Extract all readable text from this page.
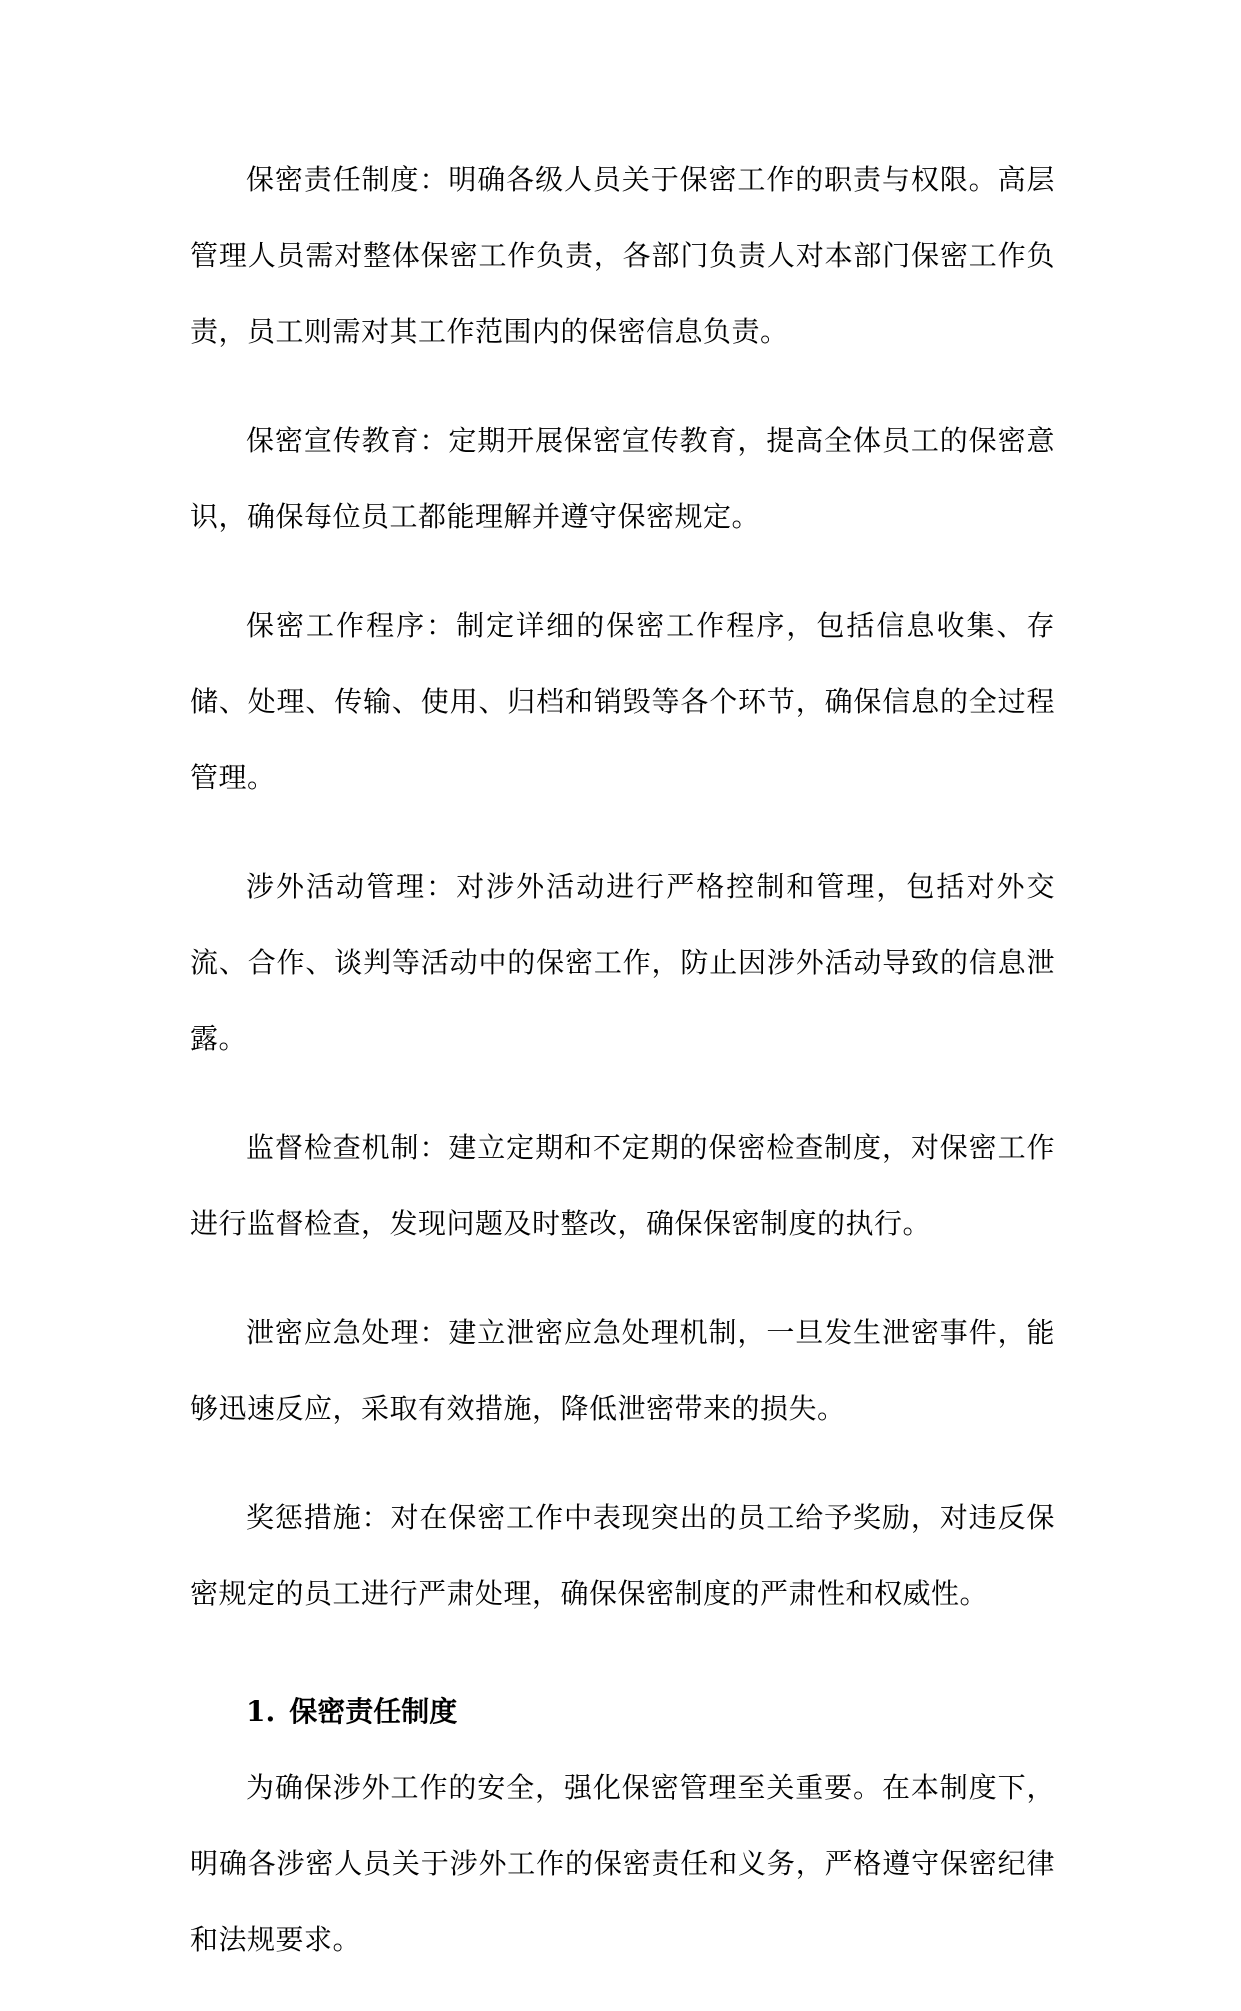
保密责任制度：明确各级人员关于保密工作的职责与权限。高层管理人员需对整体保密工作负责，各部门负责人对本部门保密工作负责，员工则需对其工作范围内的保密信息负责。

保密宣传教育：定期开展保密宣传教育，提高全体员工的保密意识，确保每位员工都能理解并遵守保密规定。

保密工作程序：制定详细的保密工作程序，包括信息收集、存储、处理、传输、使用、归档和销毁等各个环节，确保信息的全过程管理。

涉外活动管理：对涉外活动进行严格控制和管理，包括对外交流、合作、谈判等活动中的保密工作，防止因涉外活动导致的信息泄露。

监督检查机制：建立定期和不定期的保密检查制度，对保密工作进行监督检查，发现问题及时整改，确保保密制度的执行。

泄密应急处理：建立泄密应急处理机制，一旦发生泄密事件，能够迅速反应，采取有效措施，降低泄密带来的损失。

奖惩措施：对在保密工作中表现突出的员工给予奖励，对违反保密规定的员工进行严肃处理，确保保密制度的严肃性和权威性。

1. 保密责任制度

为确保涉外工作的安全，强化保密管理至关重要。在本制度下，明确各涉密人员关于涉外工作的保密责任和义务，严格遵守保密纪律和法规要求。
